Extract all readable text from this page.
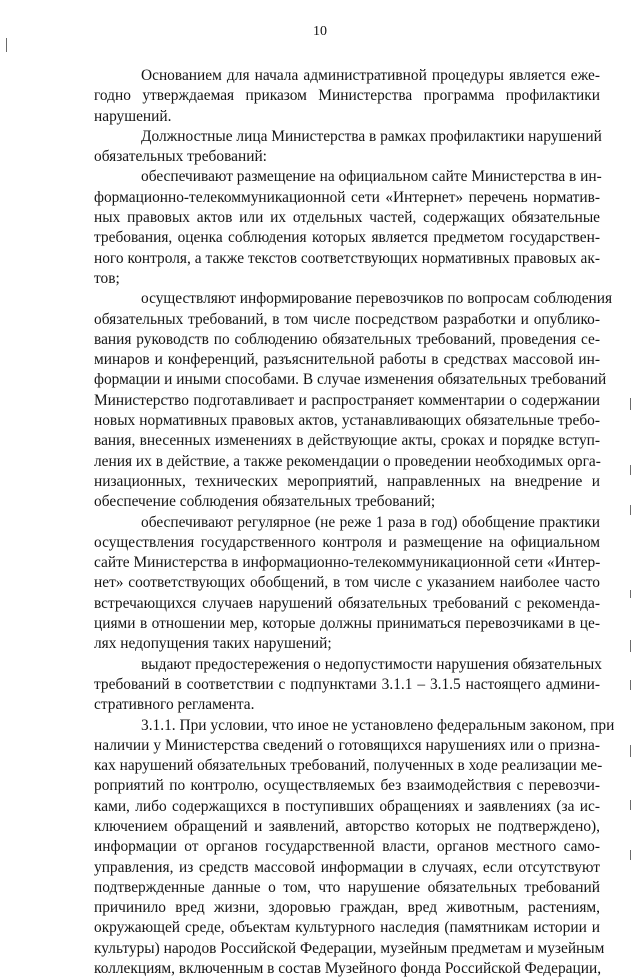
10
Основанием для начала административной процедуры является еже-
годно утверждаемая приказом Министерства программа профилактики
нарушений.
Должностные лица Министерства в рамках профилактики нарушений
обязательных требований:
обеспечивают размещение на официальном сайте Министерства в ин-
формационно-телекоммуникационной сети «Интернет» перечень норматив-
ных правовых актов или их отдельных частей, содержащих обязательные
требования, оценка соблюдения которых является предметом государствен-
ного контроля, а также текстов соответствующих нормативных правовых ак-
тов;
осуществляют информирование перевозчиков по вопросам соблюдения
обязательных требований, в том числе посредством разработки и опублико-
вания руководств по соблюдению обязательных требований, проведения се-
минаров и конференций, разъяснительной работы в средствах массовой ин-
формации и иными способами. В случае изменения обязательных требований
Министерство подготавливает и распространяет комментарии о содержании
новых нормативных правовых актов, устанавливающих обязательные требо-
вания, внесенных изменениях в действующие акты, сроках и порядке вступ-
ления их в действие, а также рекомендации о проведении необходимых орга-
низационных, технических мероприятий, направленных на внедрение и
обеспечение соблюдения обязательных требований;
обеспечивают регулярное (не реже 1 раза в год) обобщение практики
осуществления государственного контроля и размещение на официальном
сайте Министерства в информационно-телекоммуникационной сети «Интер-
нет» соответствующих обобщений, в том числе с указанием наиболее часто
встречающихся случаев нарушений обязательных требований с рекоменда-
циями в отношении мер, которые должны приниматься перевозчиками в це-
лях недопущения таких нарушений;
выдают предостережения о недопустимости нарушения обязательных
требований в соответствии с подпунктами 3.1.1 – 3.1.5 настоящего админи-
стративного регламента.
3.1.1. При условии, что иное не установлено федеральным законом, при
наличии у Министерства сведений о готовящихся нарушениях или о призна-
ках нарушений обязательных требований, полученных в ходе реализации ме-
роприятий по контролю, осуществляемых без взаимодействия с перевозчи-
ками, либо содержащихся в поступивших обращениях и заявлениях (за ис-
ключением обращений и заявлений, авторство которых не подтверждено),
информации от органов государственной власти, органов местного само-
управления, из средств массовой информации в случаях, если отсутствуют
подтвержденные данные о том, что нарушение обязательных требований
причинило вред жизни, здоровью граждан, вред животным, растениям,
окружающей среде, объектам культурного наследия (памятникам истории и
культуры) народов Российской Федерации, музейным предметам и музейным
коллекциям, включенным в состав Музейного фонда Российской Федерации,
